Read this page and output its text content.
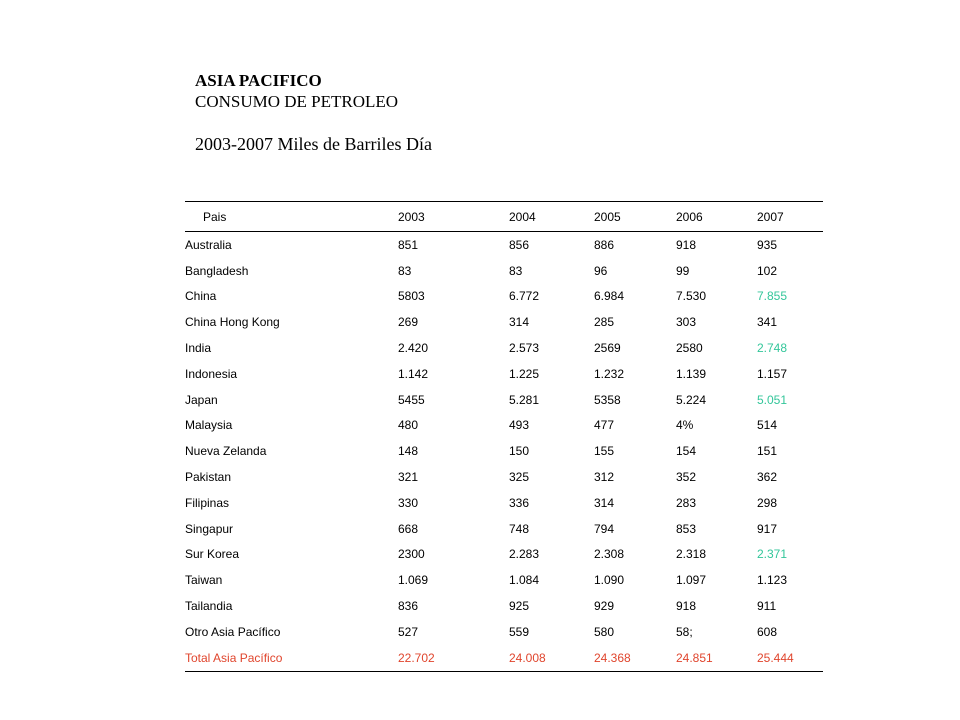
ASIA PACIFICO
CONSUMO DE PETROLEO
2003-2007 Miles de Barriles Día
Pais	2003	2004	2005	2006	2007
Australia	851	856	886	918	935
Bangladesh	83	83	96	99	102
China	5803	6.772	6.984	7.530	7.855
China Hong Kong	269	314	285	303	341
India	2.420	2.573	2569	2580	2.748
Indonesia	1.142	1.225	1.232	1.139	1.157
Japan	5455	5.281	5358	5.224	5.051
Malaysia	480	493	477	4%	514
Nueva Zelanda	148	150	155	154	151
Pakistan	321	325	312	352	362
Filipinas	330	336	314	283	298
Singapur	668	748	794	853	917
Sur Korea	2300	2.283	2.308	2.318	2.371
Taiwan	1.069	1.084	1.090	1.097	1.123
Tailandia	836	925	929	918	911
Otro Asia Pacífico	527	559	580	58;	608
Total Asia Pacífico	22.702	24.008	24.368	24.851	25.444
